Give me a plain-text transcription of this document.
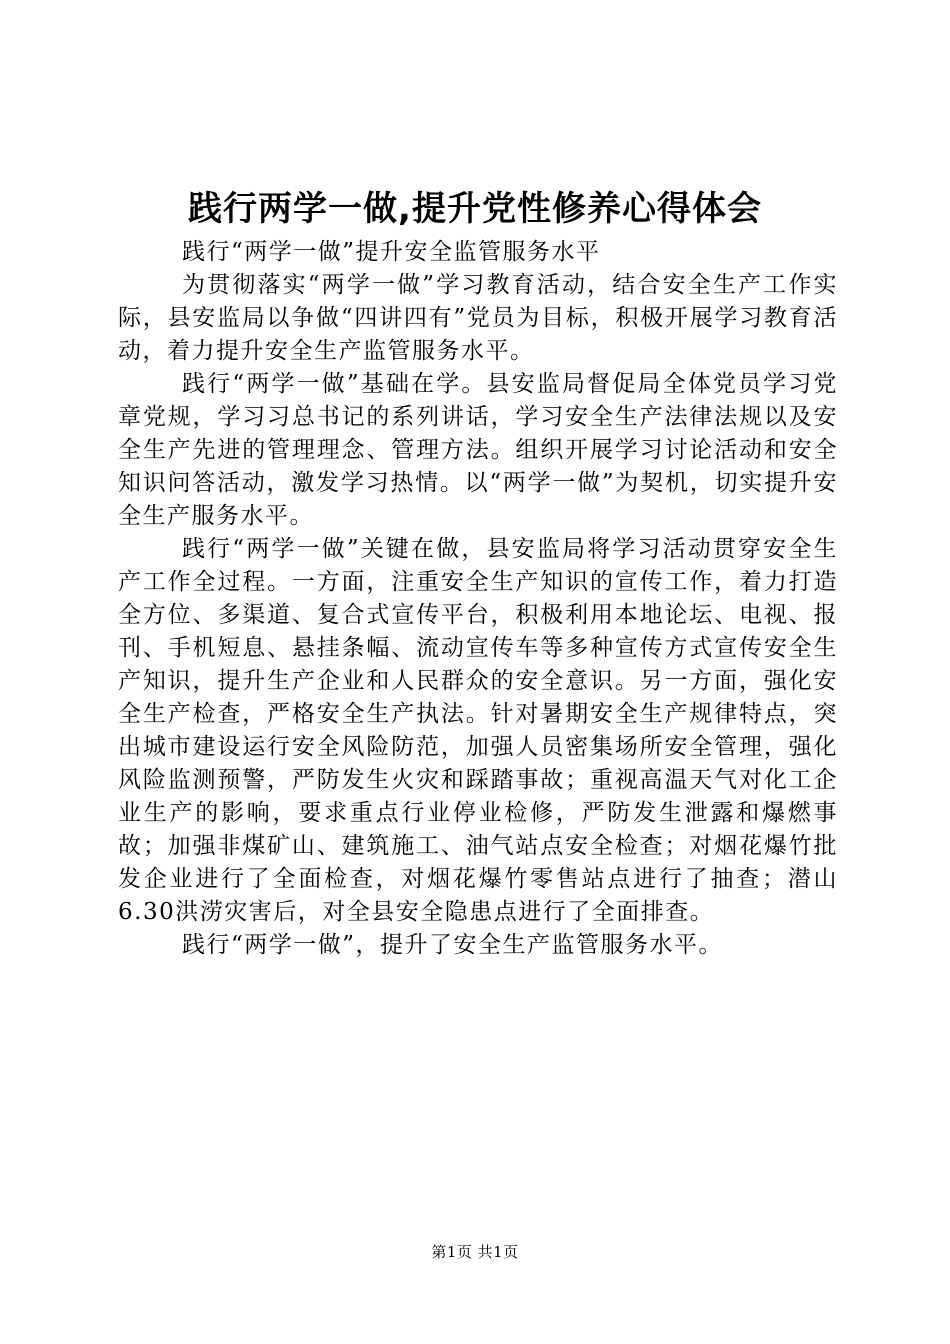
践行两学一做,提升党性修养心得体会

践行“两学一做”提升安全监管服务水平

为贯彻落实“两学一做”学习教育活动，结合安全生产工作实际，县安监局以争做“四讲四有”党员为目标，积极开展学习教育活动，着力提升安全生产监管服务水平。

践行“两学一做”基础在学。县安监局督促局全体党员学习党章党规，学习习总书记的系列讲话，学习安全生产法律法规以及安全生产先进的管理理念、管理方法。组织开展学习讨论活动和安全知识问答活动，激发学习热情。以“两学一做”为契机，切实提升安全生产服务水平。

践行“两学一做”关键在做，县安监局将学习活动贯穿安全生产工作全过程。一方面，注重安全生产知识的宣传工作，着力打造全方位、多渠道、复合式宣传平台，积极利用本地论坛、电视、报刊、手机短息、悬挂条幅、流动宣传车等多种宣传方式宣传安全生产知识，提升生产企业和人民群众的安全意识。另一方面，强化安全生产检查，严格安全生产执法。针对暑期安全生产规律特点，突出城市建设运行安全风险防范，加强人员密集场所安全管理，强化风险监测预警，严防发生火灾和踩踏事故；重视高温天气对化工企业生产的影响，要求重点行业停业检修，严防发生泄露和爆燃事故；加强非煤矿山、建筑施工、油气站点安全检查；对烟花爆竹批发企业进行了全面检查，对烟花爆竹零售站点进行了抽查；潜山6.30洪涝灾害后，对全县安全隐患点进行了全面排查。

践行“两学一做”，提升了安全生产监管服务水平。

第1页 共1页
